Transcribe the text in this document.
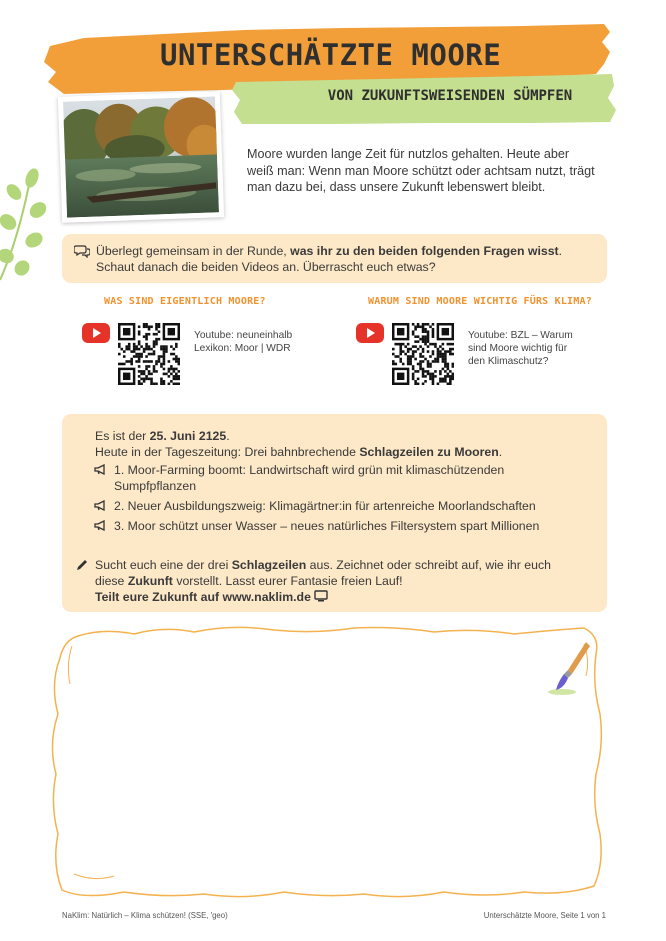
UNTERSCHÄTZTE MOORE
VON ZUKUNFTSWEISENDEN SÜMPFEN
Moore wurden lange Zeit für nutzlos gehalten. Heute aber
weiß man: Wenn man Moore schützt oder achtsam nutzt, trägt
man dazu bei, dass unsere Zukunft lebenswert bleibt.
Überlegt gemeinsam in der Runde, was ihr zu den beiden folgenden Fragen wisst.
Schaut danach die beiden Videos an. Überrascht euch etwas?
WAS SIND EIGENTLICH MOORE?
Youtube: neuneinhalb
Lexikon: Moor | WDR
WARUM SIND MOORE WICHTIG FÜRS KLIMA?
Youtube: BZL – Warum
sind Moore wichtig für
den Klimaschutz?
Es ist der 25. Juni 2125.
Heute in der Tageszeitung: Drei bahnbrechende Schlagzeilen zu Mooren.
1. Moor-Farming boomt: Landwirtschaft wird grün mit klimaschützenden
Sumpfpflanzen
2. Neuer Ausbildungszweig: Klimagärtner:in für artenreiche Moorlandschaften
3. Moor schützt unser Wasser – neues natürliches Filtersystem spart Millionen
Sucht euch eine der drei Schlagzeilen aus. Zeichnet oder schreibt auf, wie ihr euch
diese Zukunft vorstellt. Lasst eurer Fantasie freien Lauf!
Teilt eure Zukunft auf www.naklim.de
NaKlim: Natürlich – Klima schützen! (SSE, ′geo)	Unterschätzte Moore, Seite 1 von 1
